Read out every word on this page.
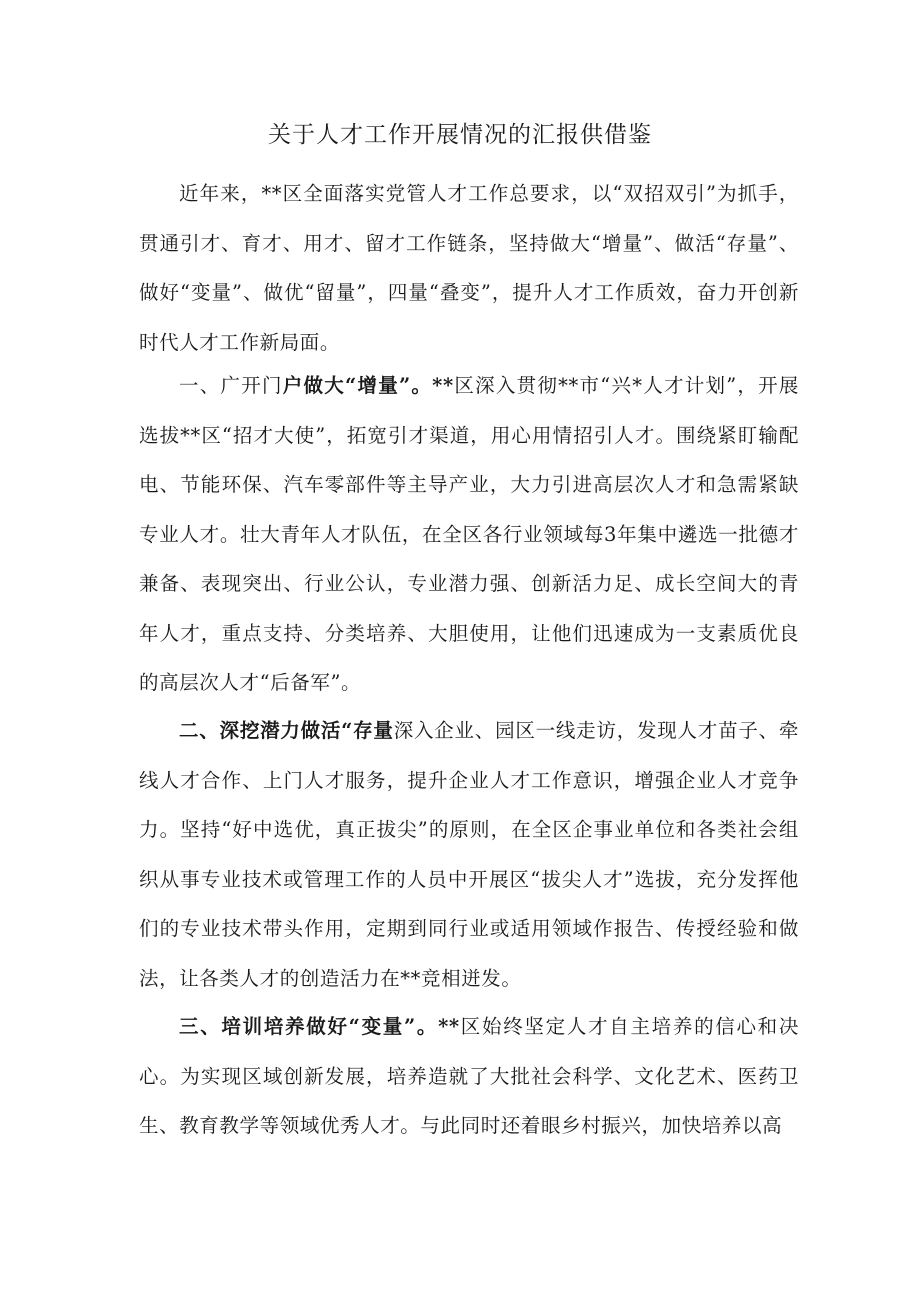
关于人才工作开展情况的汇报供借鉴

近年来，**区全面落实党管人才工作总要求，以“双招双引”为抓手，贯通引才、育才、用才、留才工作链条，坚持做大“增量”、做活“存量”、做好“变量”、做优“留量”，四量“叠变”，提升人才工作质效，奋力开创新时代人才工作新局面。

一、广开门户做大“增量”。**区深入贯彻**市“兴*人才计划”，开展选拔**区“招才大使”，拓宽引才渠道，用心用情招引人才。围绕紧盯输配电、节能环保、汽车零部件等主导产业，大力引进高层次人才和急需紧缺专业人才。壮大青年人才队伍，在全区各行业领域每3年集中遴选一批德才兼备、表现突出、行业公认，专业潜力强、创新活力足、成长空间大的青年人才，重点支持、分类培养、大胆使用，让他们迅速成为一支素质优良的高层次人才“后备军”。

二、深挖潜力做活“存量深入企业、园区一线走访，发现人才苗子、牵线人才合作、上门人才服务，提升企业人才工作意识，增强企业人才竞争力。坚持“好中选优，真正拔尖”的原则，在全区企事业单位和各类社会组织从事专业技术或管理工作的人员中开展区“拔尖人才”选拔，充分发挥他们的专业技术带头作用，定期到同行业或适用领域作报告、传授经验和做法，让各类人才的创造活力在**竞相迸发。

三、培训培养做好“变量”。**区始终坚定人才自主培养的信心和决心。为实现区域创新发展，培养造就了大批社会科学、文化艺术、医药卫生、教育教学等领域优秀人才。与此同时还着眼乡村振兴，加快培养以高
